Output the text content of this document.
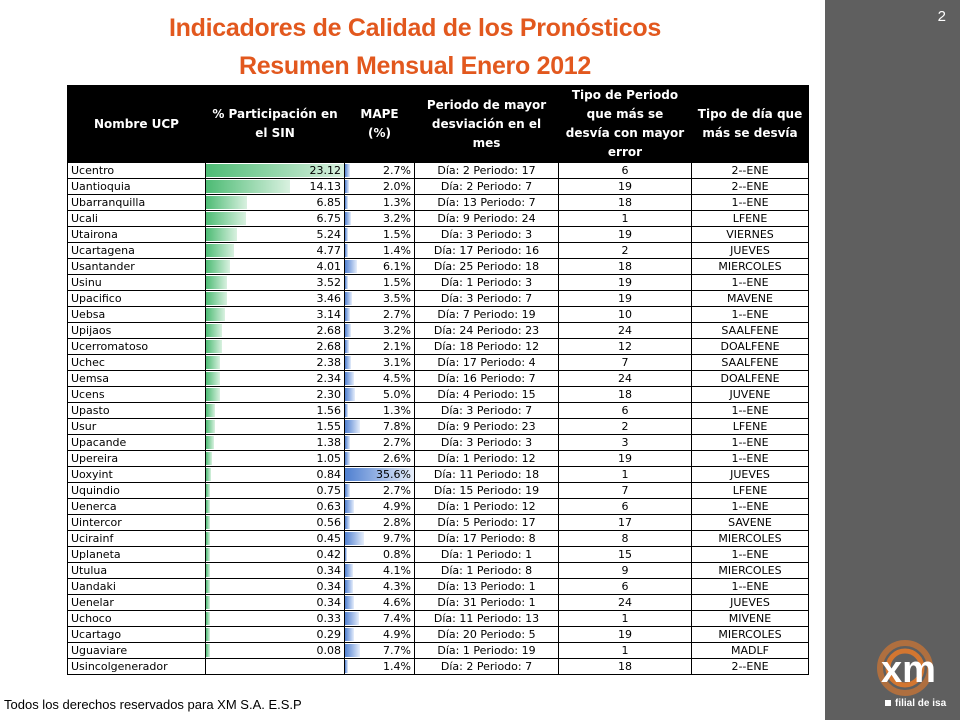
2
xm
filial de isa
Indicadores de Calidad de los Pronósticos
Resumen Mensual Enero 2012
Nombre UCP	% Participación en el SIN	MAPE (%)	Periodo de mayor desviación en el mes	Tipo de Periodo que más se desvía con mayor error	Tipo de día que más se desvía
Ucentro	23.12	2.7%	Día: 2 Periodo: 17	6	2--ENE
Uantioquia	14.13	2.0%	Día: 2 Periodo: 7	19	2--ENE
Ubarranquilla	6.85	1.3%	Día: 13 Periodo: 7	18	1--ENE
Ucali	6.75	3.2%	Día: 9 Periodo: 24	1	LFENE
Utairona	5.24	1.5%	Día: 3 Periodo: 3	19	VIERNES
Ucartagena	4.77	1.4%	Día: 17 Periodo: 16	2	JUEVES
Usantander	4.01	6.1%	Día: 25 Periodo: 18	18	MIERCOLES
Usinu	3.52	1.5%	Día: 1 Periodo: 3	19	1--ENE
Upacifico	3.46	3.5%	Día: 3 Periodo: 7	19	MAVENE
Uebsa	3.14	2.7%	Día: 7 Periodo: 19	10	1--ENE
Upijaos	2.68	3.2%	Día: 24 Periodo: 23	24	SAALFENE
Ucerromatoso	2.68	2.1%	Día: 18 Periodo: 12	12	DOALFENE
Uchec	2.38	3.1%	Día: 17 Periodo: 4	7	SAALFENE
Uemsa	2.34	4.5%	Día: 16 Periodo: 7	24	DOALFENE
Ucens	2.30	5.0%	Día: 4 Periodo: 15	18	JUVENE
Upasto	1.56	1.3%	Día: 3 Periodo: 7	6	1--ENE
Usur	1.55	7.8%	Día: 9 Periodo: 23	2	LFENE
Upacande	1.38	2.7%	Día: 3 Periodo: 3	3	1--ENE
Upereira	1.05	2.6%	Día: 1 Periodo: 12	19	1--ENE
Uoxyint	0.84	35.6%	Día: 11 Periodo: 18	1	JUEVES
Uquindio	0.75	2.7%	Día: 15 Periodo: 19	7	LFENE
Uenerca	0.63	4.9%	Día: 1 Periodo: 12	6	1--ENE
Uintercor	0.56	2.8%	Día: 5 Periodo: 17	17	SAVENE
Ucirainf	0.45	9.7%	Día: 17 Periodo: 8	8	MIERCOLES
Uplaneta	0.42	0.8%	Día: 1 Periodo: 1	15	1--ENE
Utulua	0.34	4.1%	Día: 1 Periodo: 8	9	MIERCOLES
Uandaki	0.34	4.3%	Día: 13 Periodo: 1	6	1--ENE
Uenelar	0.34	4.6%	Día: 31 Periodo: 1	24	JUEVES
Uchoco	0.33	7.4%	Día: 11 Periodo: 13	1	MIVENE
Ucartago	0.29	4.9%	Día: 20 Periodo: 5	19	MIERCOLES
Uguaviare	0.08	7.7%	Día: 1 Periodo: 19	1	MADLF
Usincolgenerador		1.4%	Día: 2 Periodo: 7	18	2--ENE
Todos los derechos reservados para XM S.A. E.S.P
